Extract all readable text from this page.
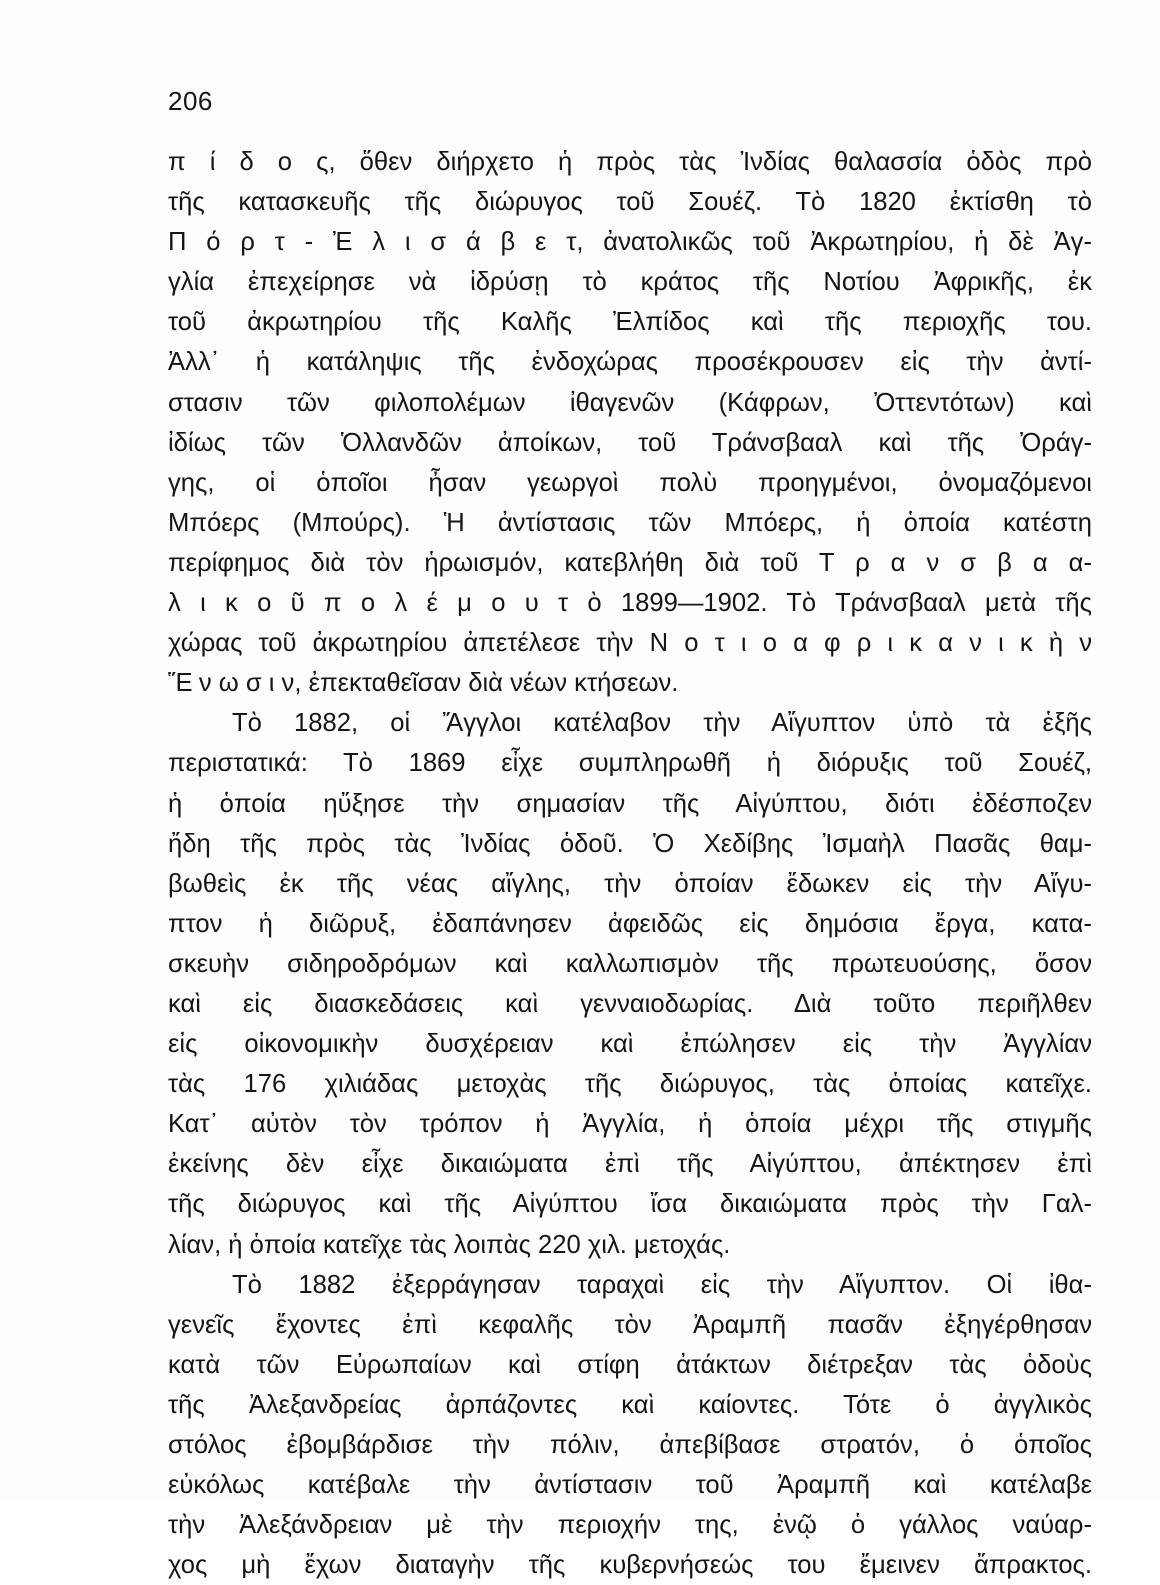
206
π ί δ ο ς, ὅθεν διήρχετο ἡ πρὸς τὰς Ἰνδίας θαλασσία ὁδὸς πρὸ
τῆς κατασκευῆς τῆς διώρυγος τοῦ Σουέζ. Τὸ 1820 ἐκτίσθη τὸ
Π ό ρ τ - Ἐ λ ι σ ά β ε τ, ἀνατολικῶς τοῦ Ἀκρωτηρίου, ἡ δὲ Ἀγ-
γλία ἐπεχείρησε νὰ ἱδρύσῃ τὸ κράτος τῆς Νοτίου Ἀφρικῆς, ἐκ
τοῦ ἀκρωτηρίου τῆς Καλῆς Ἐλπίδος καὶ τῆς περιοχῆς του.
Ἀλλ᾿ ἡ κατάληψις τῆς ἐνδοχώρας προσέκρουσεν εἰς τὴν ἀντί-
στασιν τῶν φιλοπολέμων ἰθαγενῶν (Κάφρων, Ὀττεντότων) καὶ
ἰδίως τῶν Ὁλλανδῶν ἀποίκων, τοῦ Τράνσβααλ καὶ τῆς Ὀράγ-
γης, οἱ ὁποῖοι ἦσαν γεωργοὶ πολὺ προηγμένοι, ὀνομαζόμενοι
Μπόερς (Μπούρς). Ἡ ἀντίστασις τῶν Μπόερς, ἡ ὁποία κατέστη
περίφημος διὰ τὸν ἡρωισμόν, κατεβλήθη διὰ τοῦ Τ ρ α ν σ β α α-
λ ι κ ο ῦ π ο λ έ μ ο υ τ ὸ 1899—1902. Τὸ Τράνσβααλ μετὰ τῆς
χώρας τοῦ ἀκρωτηρίου ἀπετέλεσε τὴν Ν ο τ ι ο α φ ρ ι κ α ν ι κ ὴ ν
Ἕ ν ω σ ι ν, ἐπεκταθεῖσαν διὰ νέων κτήσεων.
Τὸ 1882, οἱ Ἄγγλοι κατέλαβον τὴν Αἴγυπτον ὑπὸ τὰ ἑξῆς
περιστατικά: Τὸ 1869 εἶχε συμπληρωθῆ ἡ διόρυξις τοῦ Σουέζ,
ἡ ὁποία ηὔξησε τὴν σημασίαν τῆς Αἰγύπτου, διότι ἐδέσποζεν
ἤδη τῆς πρὸς τὰς Ἰνδίας ὁδοῦ. Ὁ Χεδίβης Ἰσμαὴλ Πασᾶς θαμ-
βωθεὶς ἐκ τῆς νέας αἴγλης, τὴν ὁποίαν ἔδωκεν εἰς τὴν Αἴγυ-
πτον ἡ διῶρυξ, ἐδαπάνησεν ἀφειδῶς εἰς δημόσια ἔργα, κατα-
σκευὴν σιδηροδρόμων καὶ καλλωπισμὸν τῆς πρωτευούσης, ὅσον
καὶ εἰς διασκεδάσεις καὶ γενναιοδωρίας. Διὰ τοῦτο περιῆλθεν
εἰς οἰκονομικὴν δυσχέρειαν καὶ ἐπώλησεν εἰς τὴν Ἀγγλίαν
τὰς 176 χιλιάδας μετοχὰς τῆς διώρυγος, τὰς ὁποίας κατεῖχε.
Κατ᾿ αὐτὸν τὸν τρόπον ἡ Ἀγγλία, ἡ ὁποία μέχρι τῆς στιγμῆς
ἐκείνης δὲν εἶχε δικαιώματα ἐπὶ τῆς Αἰγύπτου, ἀπέκτησεν ἐπὶ
τῆς διώρυγος καὶ τῆς Αἰγύπτου ἴσα δικαιώματα πρὸς τὴν Γαλ-
λίαν, ἡ ὁποία κατεῖχε τὰς λοιπὰς 220 χιλ. μετοχάς.
Τὸ 1882 ἐξερράγησαν ταραχαὶ εἰς τὴν Αἴγυπτον. Οἱ ἰθα-
γενεῖς ἔχοντες ἐπὶ κεφαλῆς τὸν Ἀραμπῆ πασᾶν ἐξηγέρθησαν
κατὰ τῶν Εὐρωπαίων καὶ στίφη ἀτάκτων διέτρεξαν τὰς ὁδοὺς
τῆς Ἀλεξανδρείας ἁρπάζοντες καὶ καίοντες. Τότε ὁ ἀγγλικὸς
στόλος ἐβομβάρδισε τὴν πόλιν, ἀπεβίβασε στρατόν, ὁ ὁποῖος
εὐκόλως κατέβαλε τὴν ἀντίστασιν τοῦ Ἀραμπῆ καὶ κατέλαβε
τὴν Ἀλεξάνδρειαν μὲ τὴν περιοχήν της, ἐνῷ ὁ γάλλος ναύαρ-
χος μὴ ἔχων διαταγὴν τῆς κυβερνήσεώς του ἔμεινεν ἄπρακτος.
